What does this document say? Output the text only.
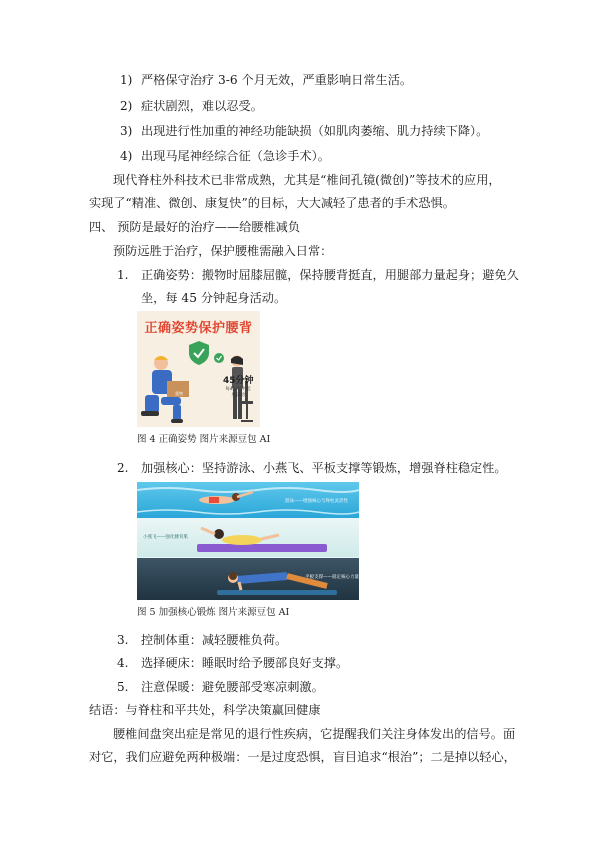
1) 严格保守治疗 3-6 个月无效，严重影响日常生活。
2) 症状剧烈，难以忍受。
3) 出现进行性加重的神经功能缺损（如肌肉萎缩、肌力持续下降）。
4) 出现马尾神经综合征（急诊手术）。
现代脊柱外科技术已非常成熟，尤其是“椎间孔镜(微创)”等技术的应用，
实现了“精准、微创、康复快”的目标，大大减轻了患者的手术恐惧。
四、 预防是最好的治疗——给腰椎减负
预防远胜于治疗，保护腰椎需融入日常：
1. 正确姿势：搬物时屈膝屈髋，保持腰背挺直，用腿部力量起身；避免久
坐，每 45 分钟起身活动。
正确姿势保护腰背
重物
45分钟
每45分钟 起身活动
图 4 正确姿势 图片来源豆包 AI
2. 加强核心：坚持游泳、小燕飞、平板支撑等锻炼，增强脊柱稳定性。
游泳——增强核心与脊柱灵活性
小燕飞——强化腰背肌
平板支撑——稳定核心力量
图 5 加强核心锻炼 图片来源豆包 AI
3. 控制体重：减轻腰椎负荷。
4. 选择硬床：睡眠时给予腰部良好支撑。
5. 注意保暖：避免腰部受寒凉刺激。
结语：与脊柱和平共处，科学决策赢回健康
腰椎间盘突出症是常见的退行性疾病，它提醒我们关注身体发出的信号。面
对它，我们应避免两种极端：一是过度恐惧，盲目追求“根治”；二是掉以轻心，
